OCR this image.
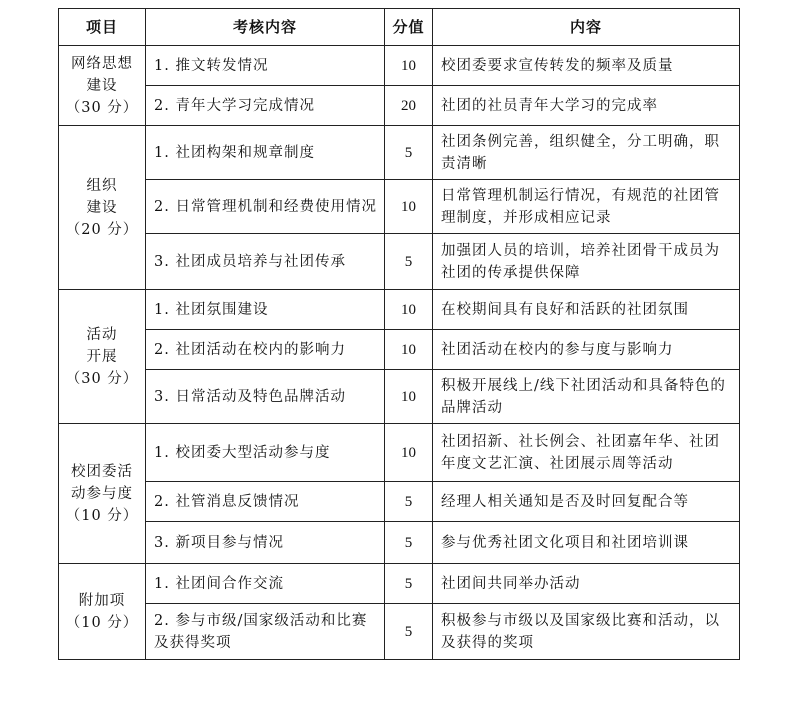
项目	考核内容	分值	内容

网络思想
建设
（30 分）	1. 推文转发情况	10	校团委要求宣传转发的频率及质量
	2. 青年大学习完成情况	20	社团的社员青年大学习的完成率

组织
建设
（20 分）	1. 社团构架和规章制度	5	社团条例完善，组织健全，分工明确，职责清晰
	2. 日常管理机制和经费使用情况	10	日常管理机制运行情况，有规范的社团管理制度，并形成相应记录
	3. 社团成员培养与社团传承	5	加强团人员的培训，培养社团骨干成员为社团的传承提供保障

活动
开展
（30 分）	1. 社团氛围建设	10	在校期间具有良好和活跃的社团氛围
	2. 社团活动在校内的影响力	10	社团活动在校内的参与度与影响力
	3. 日常活动及特色品牌活动	10	积极开展线上/线下社团活动和具备特色的品牌活动

校团委活
动参与度
（10 分）	1. 校团委大型活动参与度	10	社团招新、社长例会、社团嘉年华、社团年度文艺汇演、社团展示周等活动
	2. 社管消息反馈情况	5	经理人相关通知是否及时回复配合等
	3. 新项目参与情况	5	参与优秀社团文化项目和社团培训课

附加项
（10 分）	1. 社团间合作交流	5	社团间共同举办活动
	2. 参与市级/国家级活动和比赛及获得奖项	5	积极参与市级以及国家级比赛和活动，以及获得的奖项
